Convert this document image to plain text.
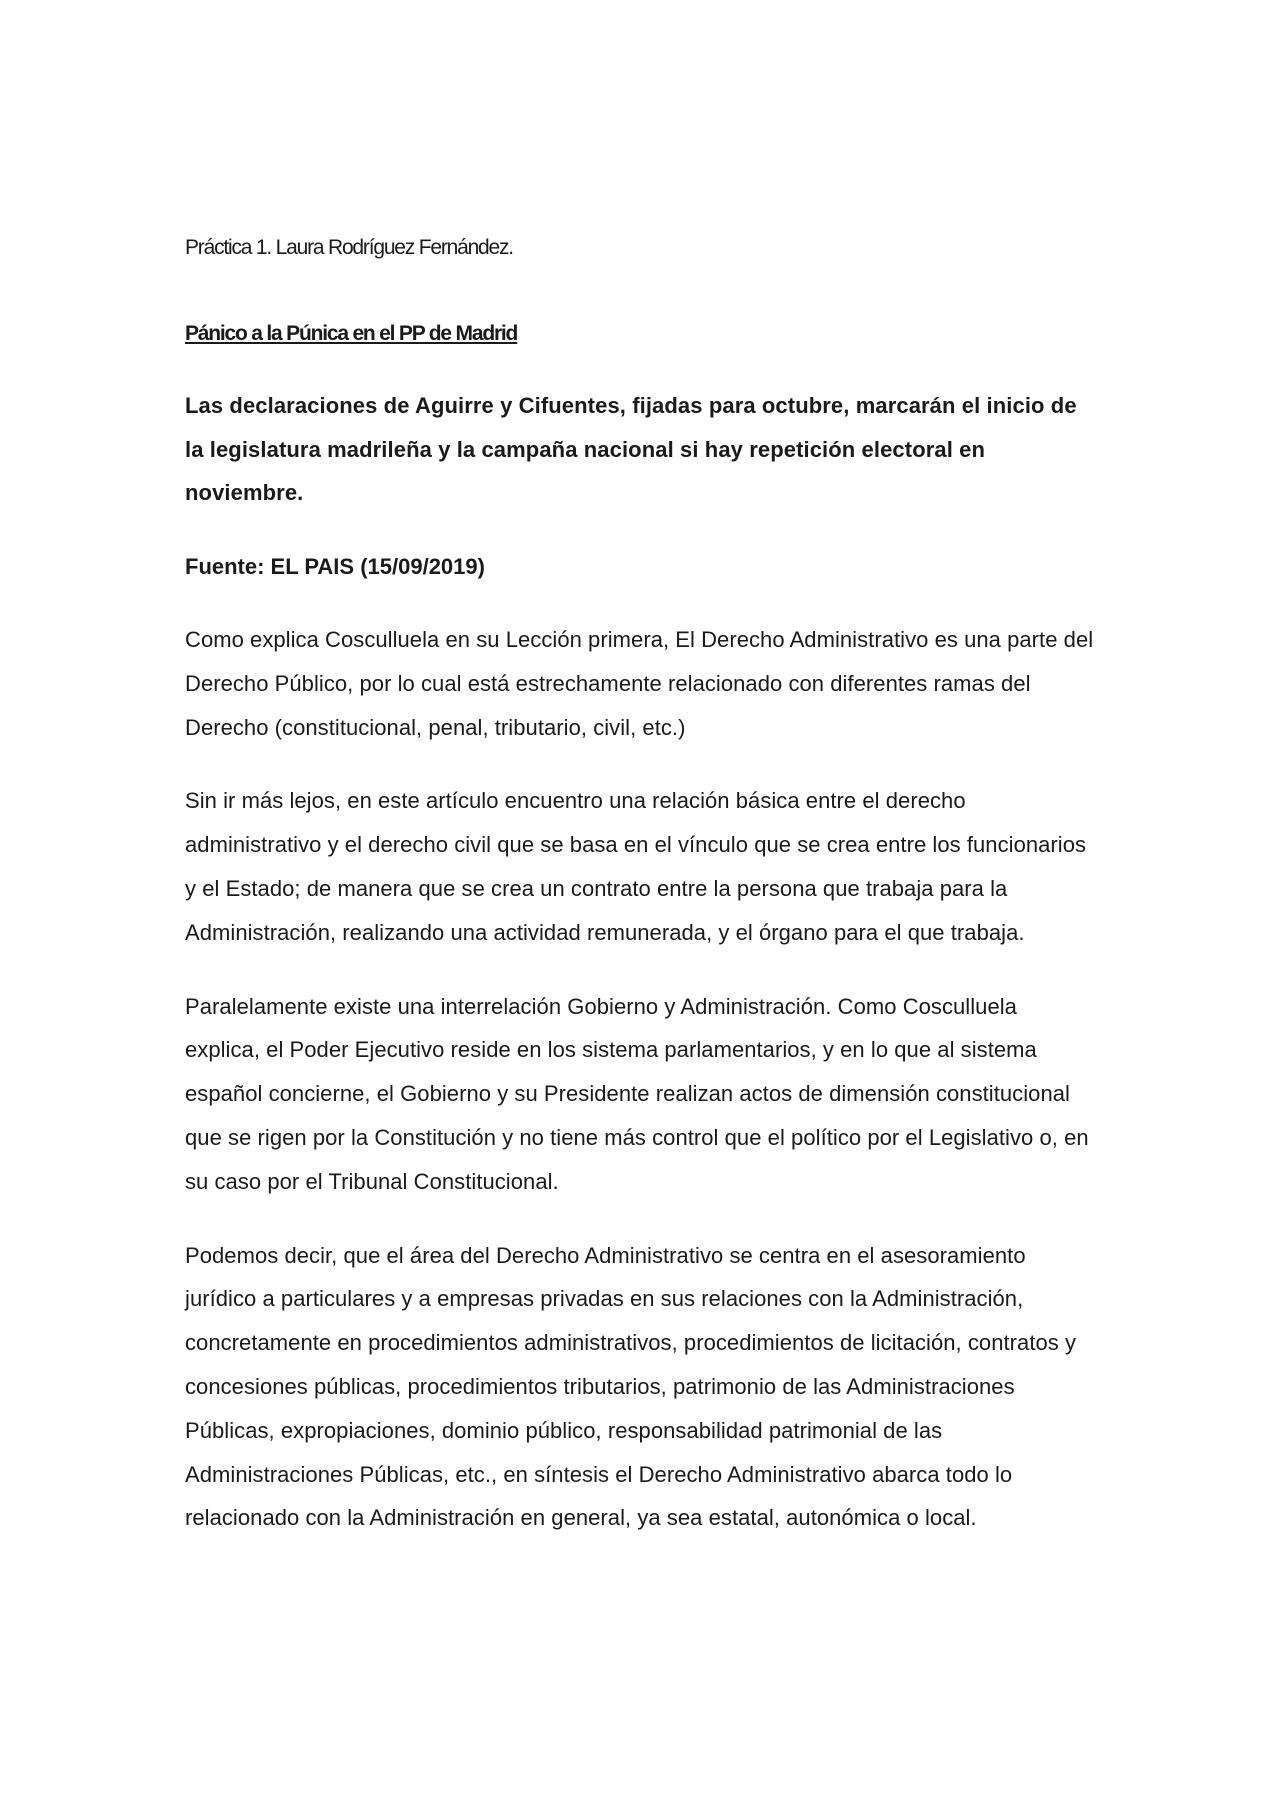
Práctica 1. Laura Rodríguez Fernández.

Pánico a la Púnica en el PP de Madrid

Las declaraciones de Aguirre y Cifuentes, fijadas para octubre, marcarán el inicio de la legislatura madrileña y la campaña nacional si hay repetición electoral en noviembre.

Fuente: EL PAIS (15/09/2019)

Como explica Cosculluela en su Lección primera, El Derecho Administrativo es una parte del Derecho Público, por lo cual está estrechamente relacionado con diferentes ramas del Derecho (constitucional, penal, tributario, civil, etc.)

Sin ir más lejos, en este artículo encuentro una relación básica entre el derecho administrativo y el derecho civil que se basa en el vínculo que se crea entre los funcionarios y el Estado; de manera que se crea un contrato entre la persona que trabaja para la Administración, realizando una actividad remunerada, y el órgano para el que trabaja.

Paralelamente existe una interrelación Gobierno y Administración. Como Cosculluela explica, el Poder Ejecutivo reside en los sistema parlamentarios, y en lo que al sistema español concierne, el Gobierno y su Presidente realizan actos de dimensión constitucional que se rigen por la Constitución y no tiene más control que el político por el Legislativo o, en su caso por el Tribunal Constitucional.

Podemos decir, que el área del Derecho Administrativo se centra en el asesoramiento jurídico a particulares y a empresas privadas en sus relaciones con la Administración, concretamente en procedimientos administrativos, procedimientos de licitación, contratos y concesiones públicas, procedimientos tributarios, patrimonio de las Administraciones Públicas, expropiaciones, dominio público, responsabilidad patrimonial de las Administraciones Públicas, etc., en síntesis el Derecho Administrativo abarca todo lo relacionado con la Administración en general, ya sea estatal, autonómica o local.
